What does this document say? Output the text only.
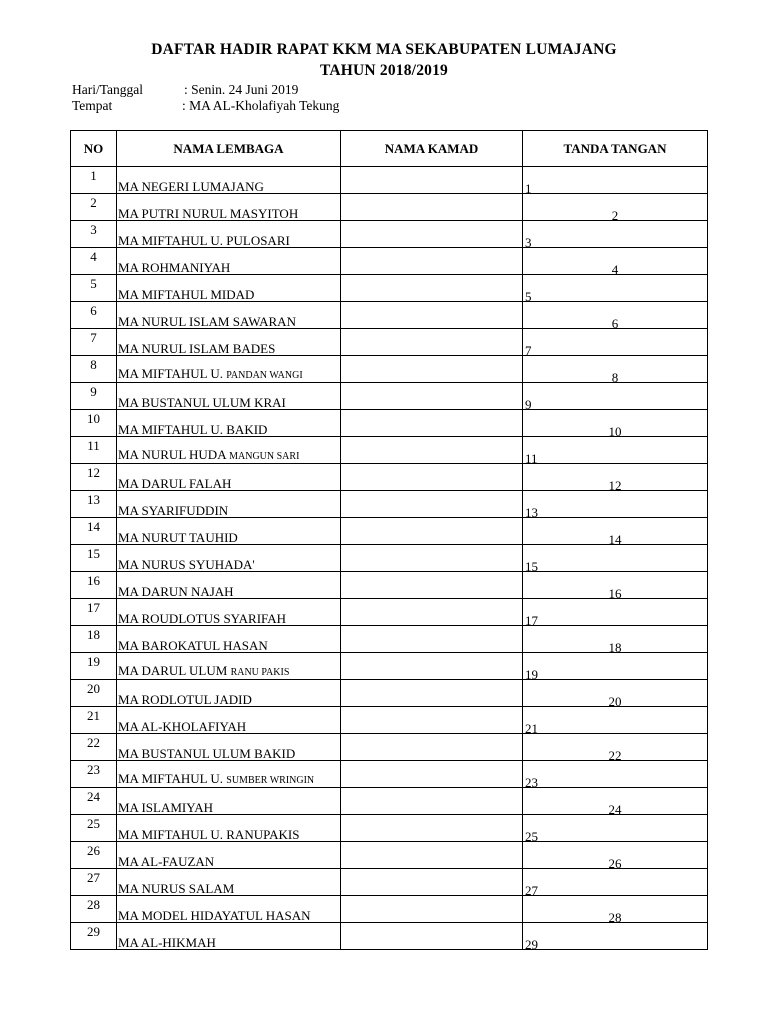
DAFTAR HADIR RAPAT KKM MA SEKABUPATEN LUMAJANG
TAHUN 2018/2019
Hari/Tanggal	: Senin. 24 Juni 2019
Tempat	: MA AL-Kholafiyah Tekung
NO	NAMA LEMBAGA	NAMA KAMAD	TANDA TANGAN
1	MA NEGERI LUMAJANG		1
2	MA PUTRI NURUL MASYITOH		2
3	MA MIFTAHUL U. PULOSARI		3
4	MA ROHMANIYAH		4
5	MA MIFTAHUL MIDAD		5
6	MA NURUL ISLAM SAWARAN		6
7	MA NURUL ISLAM BADES		7
8	MA MIFTAHUL U. PANDAN WANGI		8
9	MA BUSTANUL ULUM KRAI		9
10	MA MIFTAHUL U. BAKID		10
11	MA NURUL HUDA MANGUN SARI		11
12	MA DARUL FALAH		12
13	MA SYARIFUDDIN		13
14	MA NURUT TAUHID		14
15	MA NURUS SYUHADA'		15
16	MA DARUN NAJAH		16
17	MA ROUDLOTUS SYARIFAH		17
18	MA BAROKATUL HASAN		18
19	MA DARUL ULUM RANU PAKIS		19
20	MA RODLOTUL JADID		20
21	MA AL-KHOLAFIYAH		21
22	MA BUSTANUL ULUM BAKID		22
23	MA MIFTAHUL U. SUMBER WRINGIN		23
24	MA ISLAMIYAH		24
25	MA MIFTAHUL U. RANUPAKIS		25
26	MA AL-FAUZAN		26
27	MA NURUS SALAM		27
28	MA MODEL HIDAYATUL HASAN		28
29	MA AL-HIKMAH		29
